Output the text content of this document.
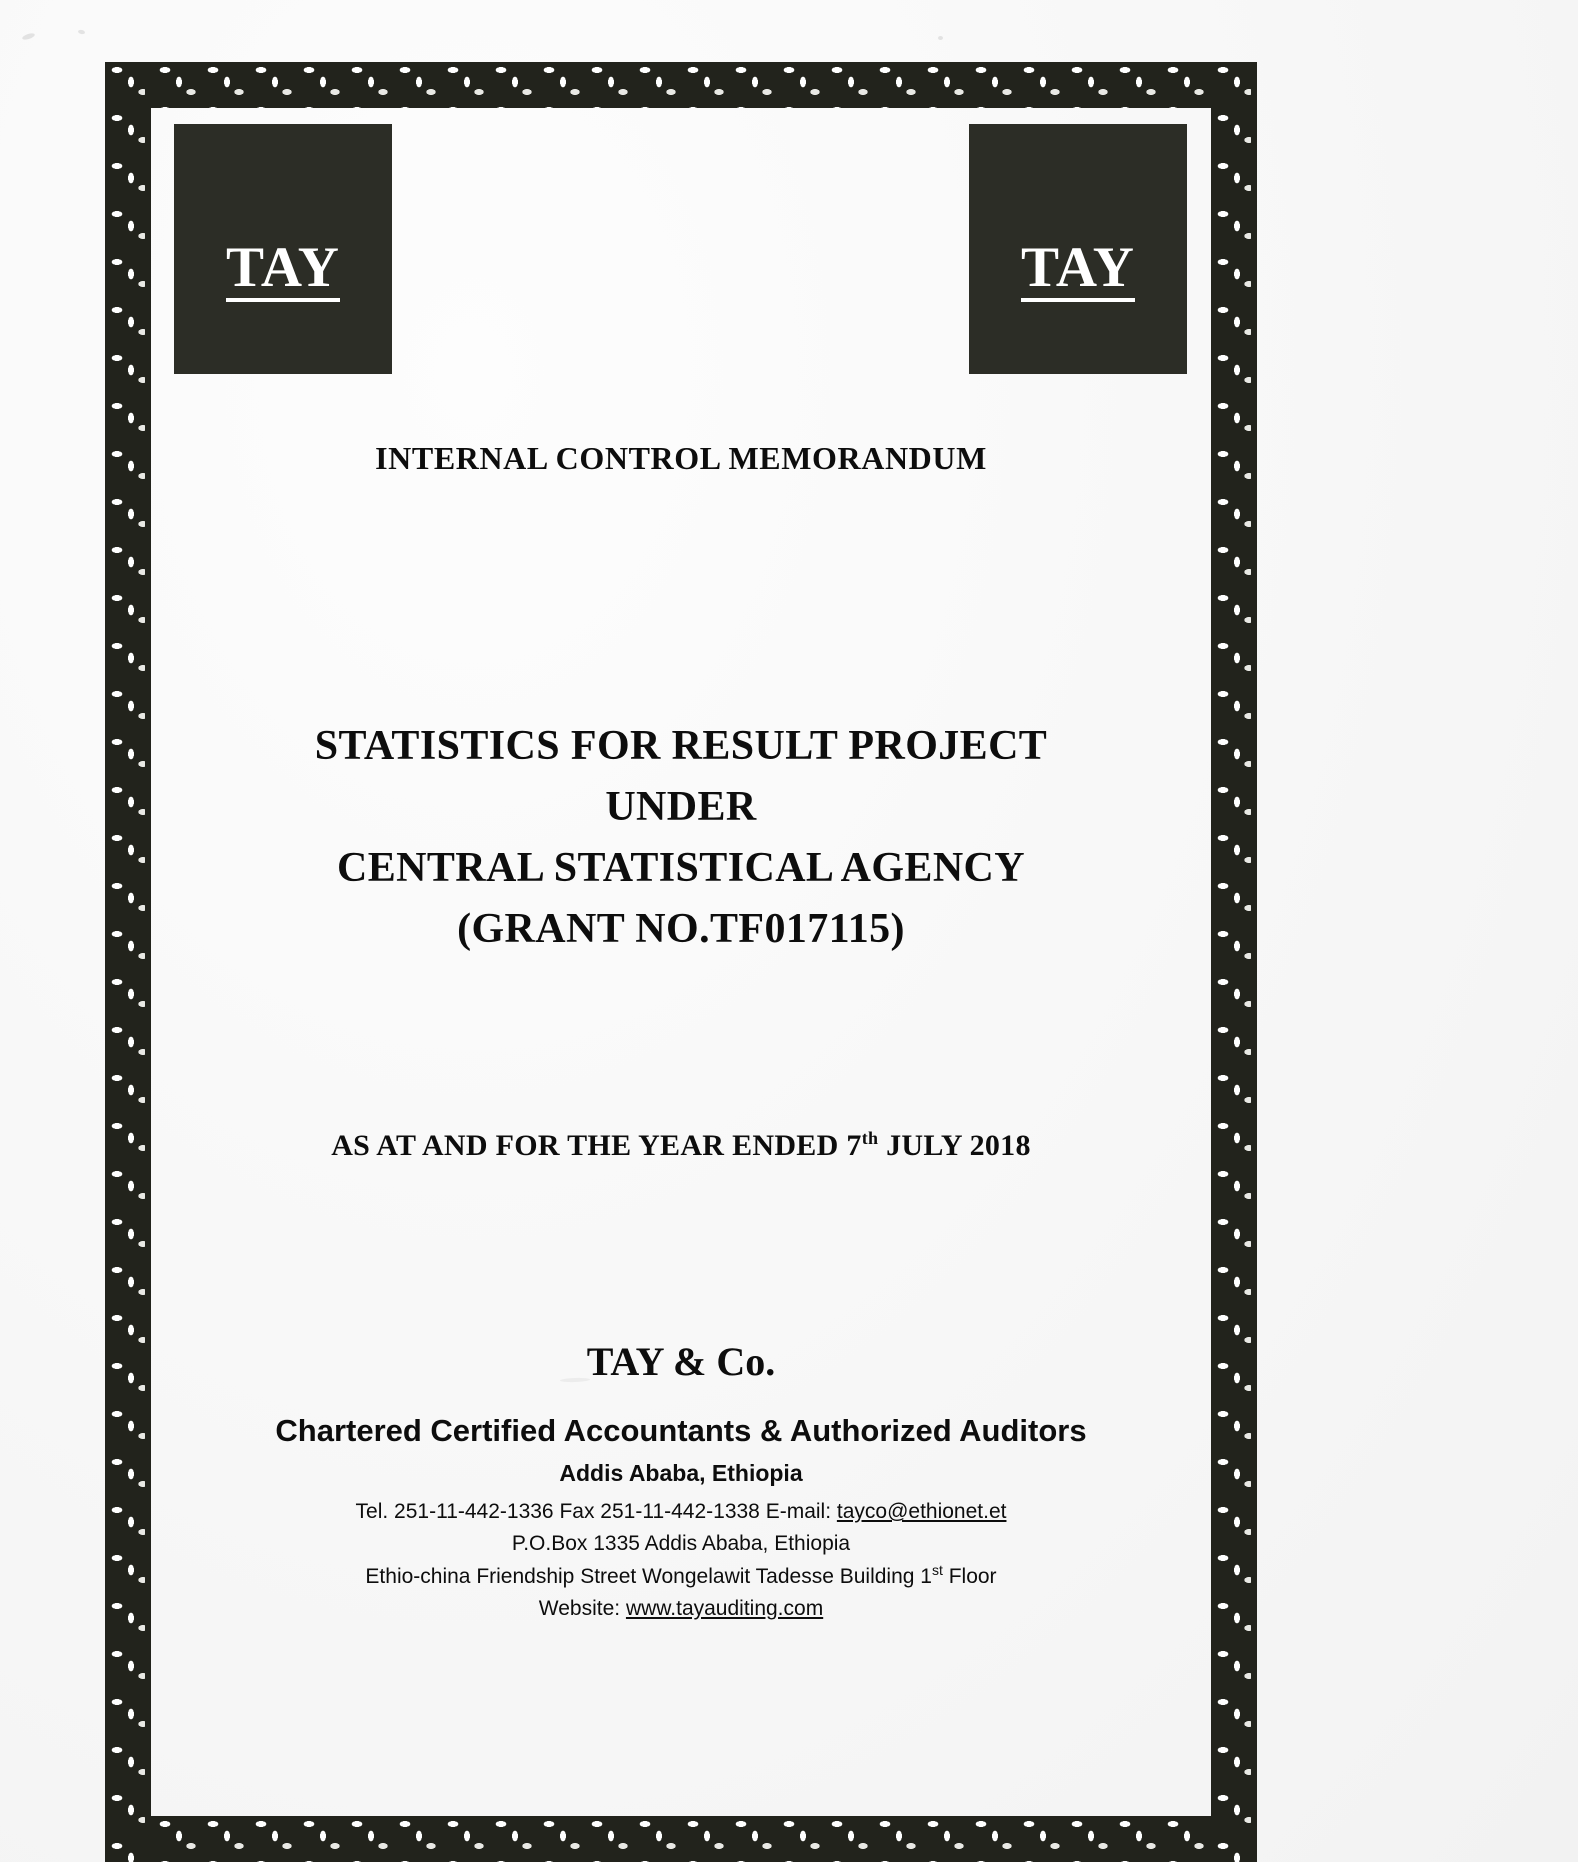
TAY	TAY
INTERNAL CONTROL MEMORANDUM
STATISTICS FOR RESULT PROJECT
UNDER
CENTRAL STATISTICAL AGENCY
(GRANT NO.TF017115)
AS AT AND FOR THE YEAR ENDED 7th JULY 2018
TAY & Co.
Chartered Certified Accountants & Authorized Auditors
Addis Ababa, Ethiopia
Tel. 251-11-442-1336 Fax 251-11-442-1338 E-mail: tayco@ethionet.et
P.O.Box 1335 Addis Ababa, Ethiopia
Ethio-china Friendship Street Wongelawit Tadesse Building 1st Floor
Website: www.tayauditing.com
